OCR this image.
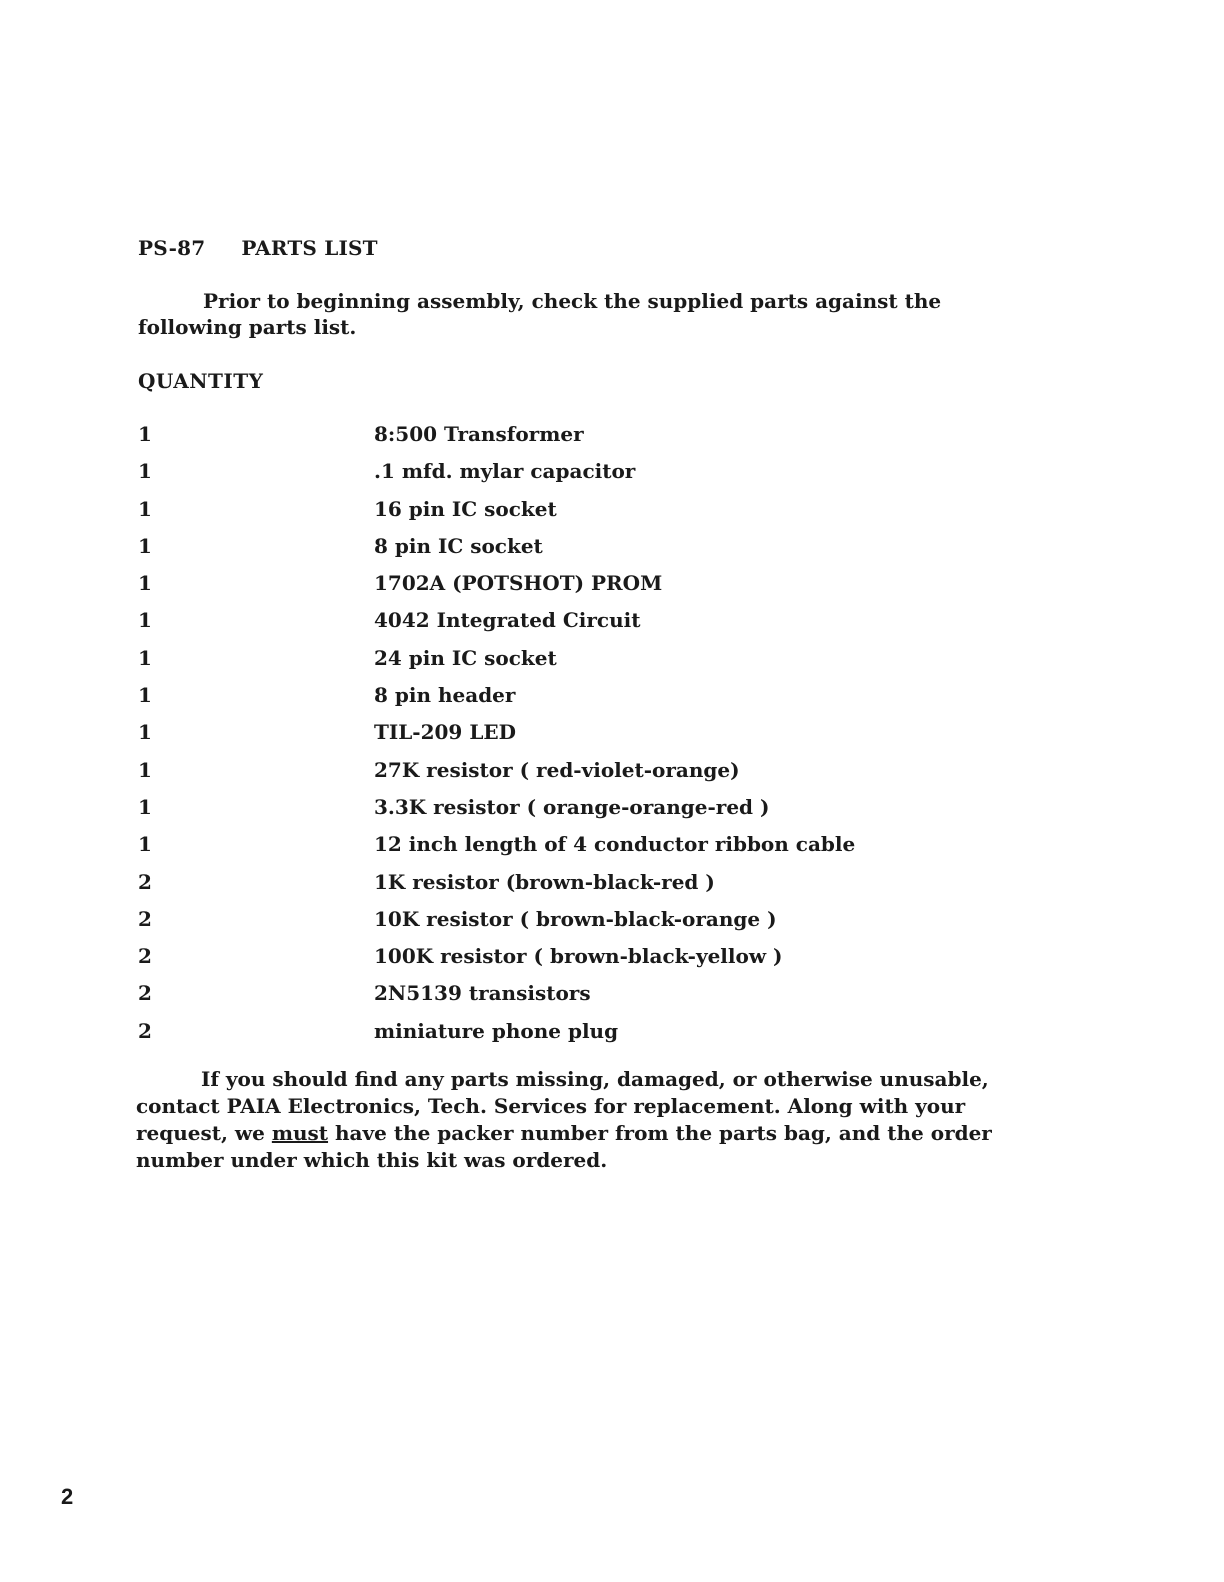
PS-87 PARTS LIST
Prior to beginning assembly, check the supplied parts against the following parts list.
QUANTITY
1	8:500 Transformer
1	.1 mfd. mylar capacitor
1	16 pin IC socket
1	8 pin IC socket
1	1702A (POTSHOT) PROM
1	4042 Integrated Circuit
1	24 pin IC socket
1	8 pin header
1	TIL-209 LED
1	27K resistor ( red-violet-orange)
1	3.3K resistor ( orange-orange-red )
1	12 inch length of 4 conductor ribbon cable
2	1K resistor (brown-black-red )
2	10K resistor ( brown-black-orange )
2	100K resistor ( brown-black-yellow )
2	2N5139 transistors
2	miniature phone plug
If you should find any parts missing, damaged, or otherwise unusable, contact PAIA Electronics, Tech. Services for replacement. Along with your request, we must have the packer number from the parts bag, and the order number under which this kit was ordered.
2
